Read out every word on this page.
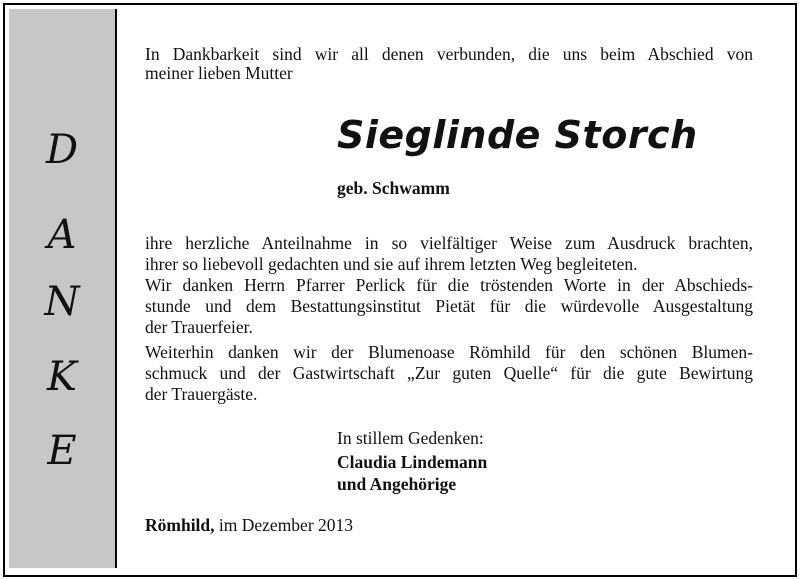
D
A
N
K
E
In Dankbarkeit sind wir all denen verbunden, die uns beim Abschied von
meiner lieben Mutter
Sieglinde Storch
geb. Schwamm
ihre herzliche Anteilnahme in so vielfältiger Weise zum Ausdruck brachten,
ihrer so liebevoll gedachten und sie auf ihrem letzten Weg begleiteten.
Wir danken Herrn Pfarrer Perlick für die tröstenden Worte in der Abschieds-
stunde und dem Bestattungsinstitut Pietät für die würdevolle Ausgestaltung
der Trauerfeier.
Weiterhin danken wir der Blumenoase Römhild für den schönen Blumen-
schmuck und der Gastwirtschaft „Zur guten Quelle“ für die gute Bewirtung
der Trauergäste.
In stillem Gedenken:
Claudia Lindemann
und Angehörige
Römhild, im Dezember 2013
